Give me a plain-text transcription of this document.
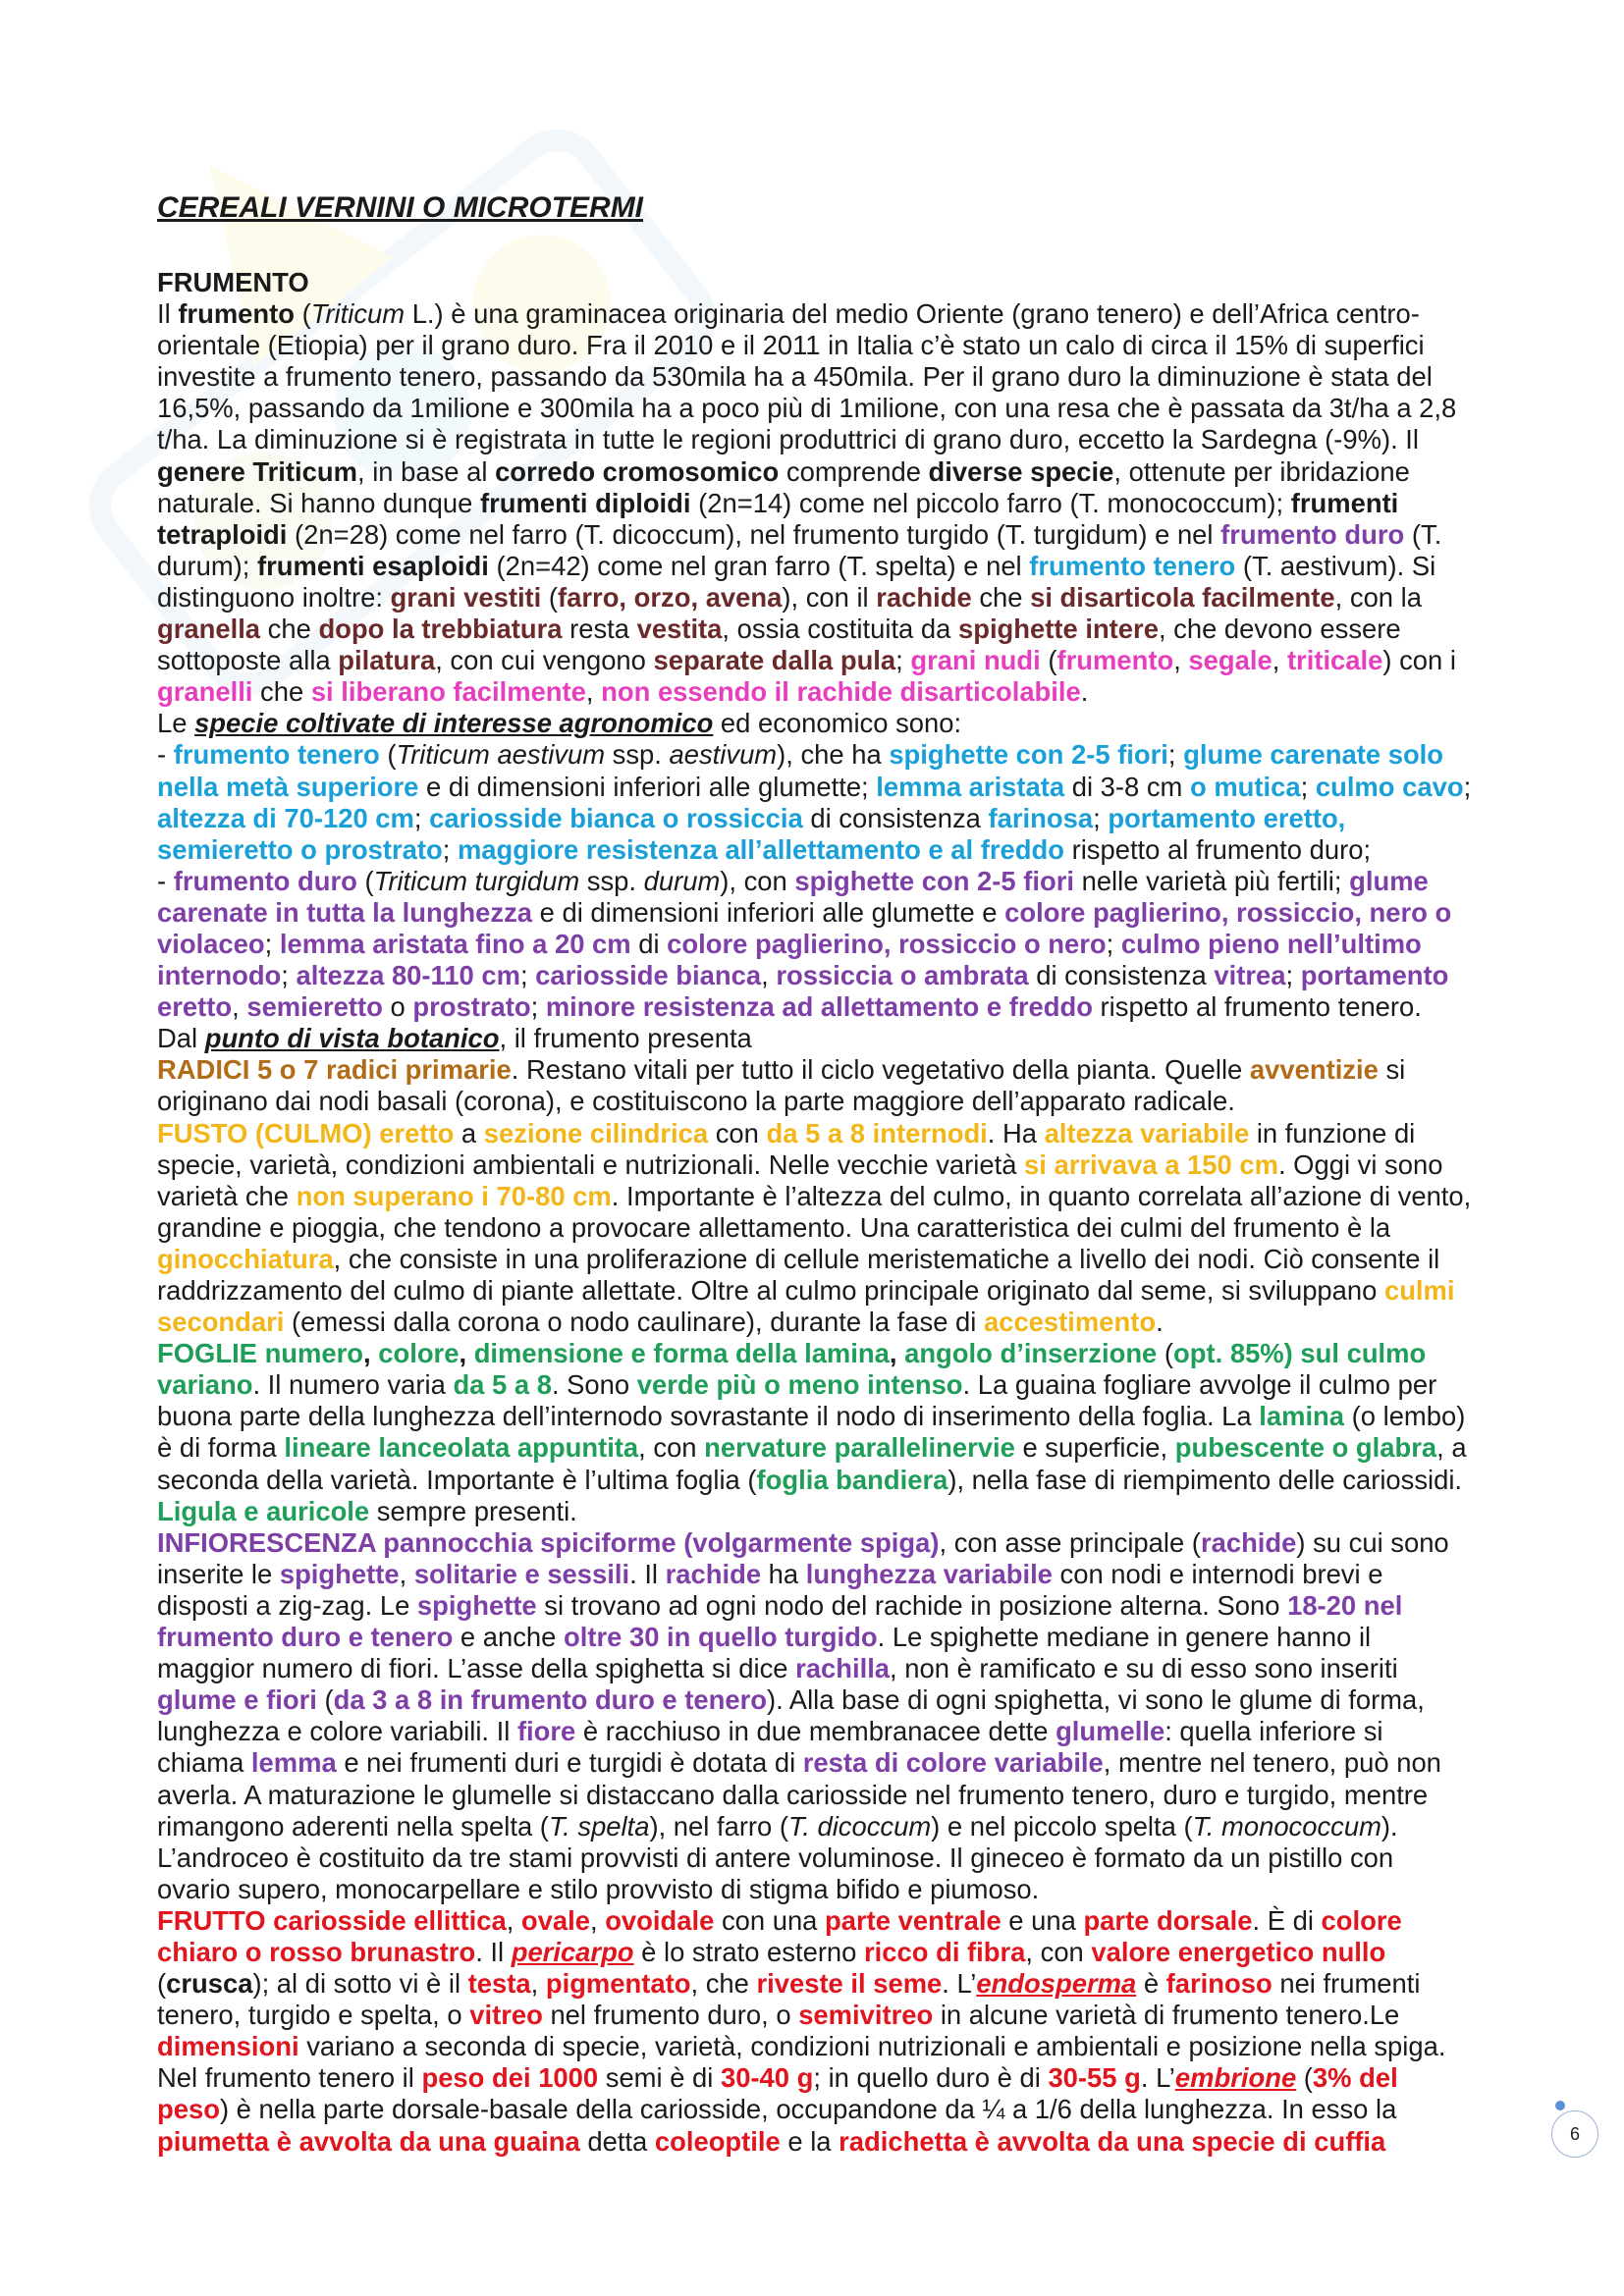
CEREALI VERNINI O MICROTERMI
FRUMENTO

Il frumento (Triticum L.) è una graminacea originaria del medio Oriente (grano tenero) e dell’Africa centro-orientale (Etiopia) per il grano duro. Fra il 2010 e il 2011 in Italia c’è stato un calo di circa il 15% di superfici investite a frumento tenero, passando da 530mila ha a 450mila. Per il grano duro la diminuzione è stata del 16,5%, passando da 1milione e 300mila ha a poco più di 1milione, con una resa che è passata da 3t/ha a 2,8 t/ha. La diminuzione si è registrata in tutte le regioni produttrici di grano duro, eccetto la Sardegna (-9%). Il genere Triticum, in base al corredo cromosomico comprende diverse specie, ottenute per ibridazione naturale. Si hanno dunque frumenti diploidi (2n=14) come nel piccolo farro (T. monococcum); frumenti tetraploidi (2n=28) come nel farro (T. dicoccum), nel frumento turgido (T. turgidum) e nel frumento duro (T. durum); frumenti esaploidi (2n=42) come nel gran farro (T. spelta) e nel frumento tenero (T. aestivum). Si distinguono inoltre: grani vestiti (farro, orzo, avena), con il rachide che si disarticola facilmente, con la granella che dopo la trebbiatura resta vestita, ossia costituita da spighette intere, che devono essere sottoposte alla pilatura, con cui vengono separate dalla pula; grani nudi (frumento, segale, triticale) con i granelli che si liberano facilmente, non essendo il rachide disarticolabile.

Le specie coltivate di interesse agronomico ed economico sono:

- frumento tenero (Triticum aestivum ssp. aestivum), che ha spighette con 2-5 fiori; glume carenate solo nella metà superiore e di dimensioni inferiori alle glumette; lemma aristata di 3-8 cm o mutica; culmo cavo; altezza di 70-120 cm; cariosside bianca o rossiccia di consistenza farinosa; portamento eretto, semieretto o prostrato; maggiore resistenza all’allettamento e al freddo rispetto al frumento duro;

- frumento duro (Triticum turgidum ssp. durum), con spighette con 2-5 fiori nelle varietà più fertili; glume carenate in tutta la lunghezza e di dimensioni inferiori alle glumette e colore paglierino, rossiccio, nero o violaceo; lemma aristata fino a 20 cm di colore paglierino, rossiccio o nero; culmo pieno nell’ultimo internodo; altezza 80-110 cm; cariosside bianca, rossiccia o ambrata di consistenza vitrea; portamento eretto, semieretto o prostrato; minore resistenza ad allettamento e freddo rispetto al frumento tenero.

Dal punto di vista botanico, il frumento presenta

RADICI 5 o 7 radici primarie. Restano vitali per tutto il ciclo vegetativo della pianta. Quelle avventizie si originano dai nodi basali (corona), e costituiscono la parte maggiore dell’apparato radicale.

FUSTO (CULMO) eretto a sezione cilindrica con da 5 a 8 internodi. Ha altezza variabile in funzione di specie, varietà, condizioni ambientali e nutrizionali. Nelle vecchie varietà si arrivava a 150 cm. Oggi vi sono varietà che non superano i 70-80 cm. Importante è l’altezza del culmo, in quanto correlata all’azione di vento, grandine e pioggia, che tendono a provocare allettamento. Una caratteristica dei culmi del frumento è la ginocchiatura, che consiste in una proliferazione di cellule meristematiche a livello dei nodi. Ciò consente il raddrizzamento del culmo di piante allettate. Oltre al culmo principale originato dal seme, si sviluppano culmi secondari (emessi dalla corona o nodo caulinare), durante la fase di accestimento.

FOGLIE numero, colore, dimensione e forma della lamina, angolo d’inserzione (opt. 85%) sul culmo variano. Il numero varia da 5 a 8. Sono verde più o meno intenso. La guaina fogliare avvolge il culmo per buona parte della lunghezza dell’internodo sovrastante il nodo di inserimento della foglia. La lamina (o lembo) è di forma lineare lanceolata appuntita, con nervature parallelinervie e superficie, pubescente o glabra, a seconda della varietà. Importante è l’ultima foglia (foglia bandiera), nella fase di riempimento delle cariossidi. Ligula e auricole sempre presenti.

INFIORESCENZA pannocchia spiciforme (volgarmente spiga), con asse principale (rachide) su cui sono inserite le spighette, solitarie e sessili. Il rachide ha lunghezza variabile con nodi e internodi brevi e disposti a zig-zag. Le spighette si trovano ad ogni nodo del rachide in posizione alterna. Sono 18-20 nel frumento duro e tenero e anche oltre 30 in quello turgido. Le spighette mediane in genere hanno il maggior numero di fiori. L’asse della spighetta si dice rachilla, non è ramificato e su di esso sono inseriti glume e fiori (da 3 a 8 in frumento duro e tenero). Alla base di ogni spighetta, vi sono le glume di forma, lunghezza e colore variabili. Il fiore è racchiuso in due membranacee dette glumelle: quella inferiore si chiama lemma e nei frumenti duri e turgidi è dotata di resta di colore variabile, mentre nel tenero, può non averla. A maturazione le glumelle si distaccano dalla cariosside nel frumento tenero, duro e turgido, mentre rimangono aderenti nella spelta (T. spelta), nel farro (T. dicoccum) e nel piccolo spelta (T. monococcum). L’androceo è costituito da tre stami provvisti di antere voluminose. Il gineceo è formato da un pistillo con ovario supero, monocarpellare e stilo provvisto di stigma bifido e piumoso.

FRUTTO cariosside ellittica, ovale, ovoidale con una parte ventrale e una parte dorsale. È di colore chiaro o rosso brunastro. Il pericarpo è lo strato esterno ricco di fibra, con valore energetico nullo (crusca); al di sotto vi è il testa, pigmentato, che riveste il seme. L’endosperma è farinoso nei frumenti tenero, turgido e spelta, o vitreo nel frumento duro, o semivitreo in alcune varietà di frumento tenero.Le dimensioni variano a seconda di specie, varietà, condizioni nutrizionali e ambientali e posizione nella spiga. Nel frumento tenero il peso dei 1000 semi è di 30-40 g; in quello duro è di 30-55 g. L’embrione (3% del peso) è nella parte dorsale-basale della cariosside, occupandone da ¼ a 1/6 della lunghezza. In esso la piumetta è avvolta da una guaina detta coleoptile e la radichetta è avvolta da una specie di cuffia	6
